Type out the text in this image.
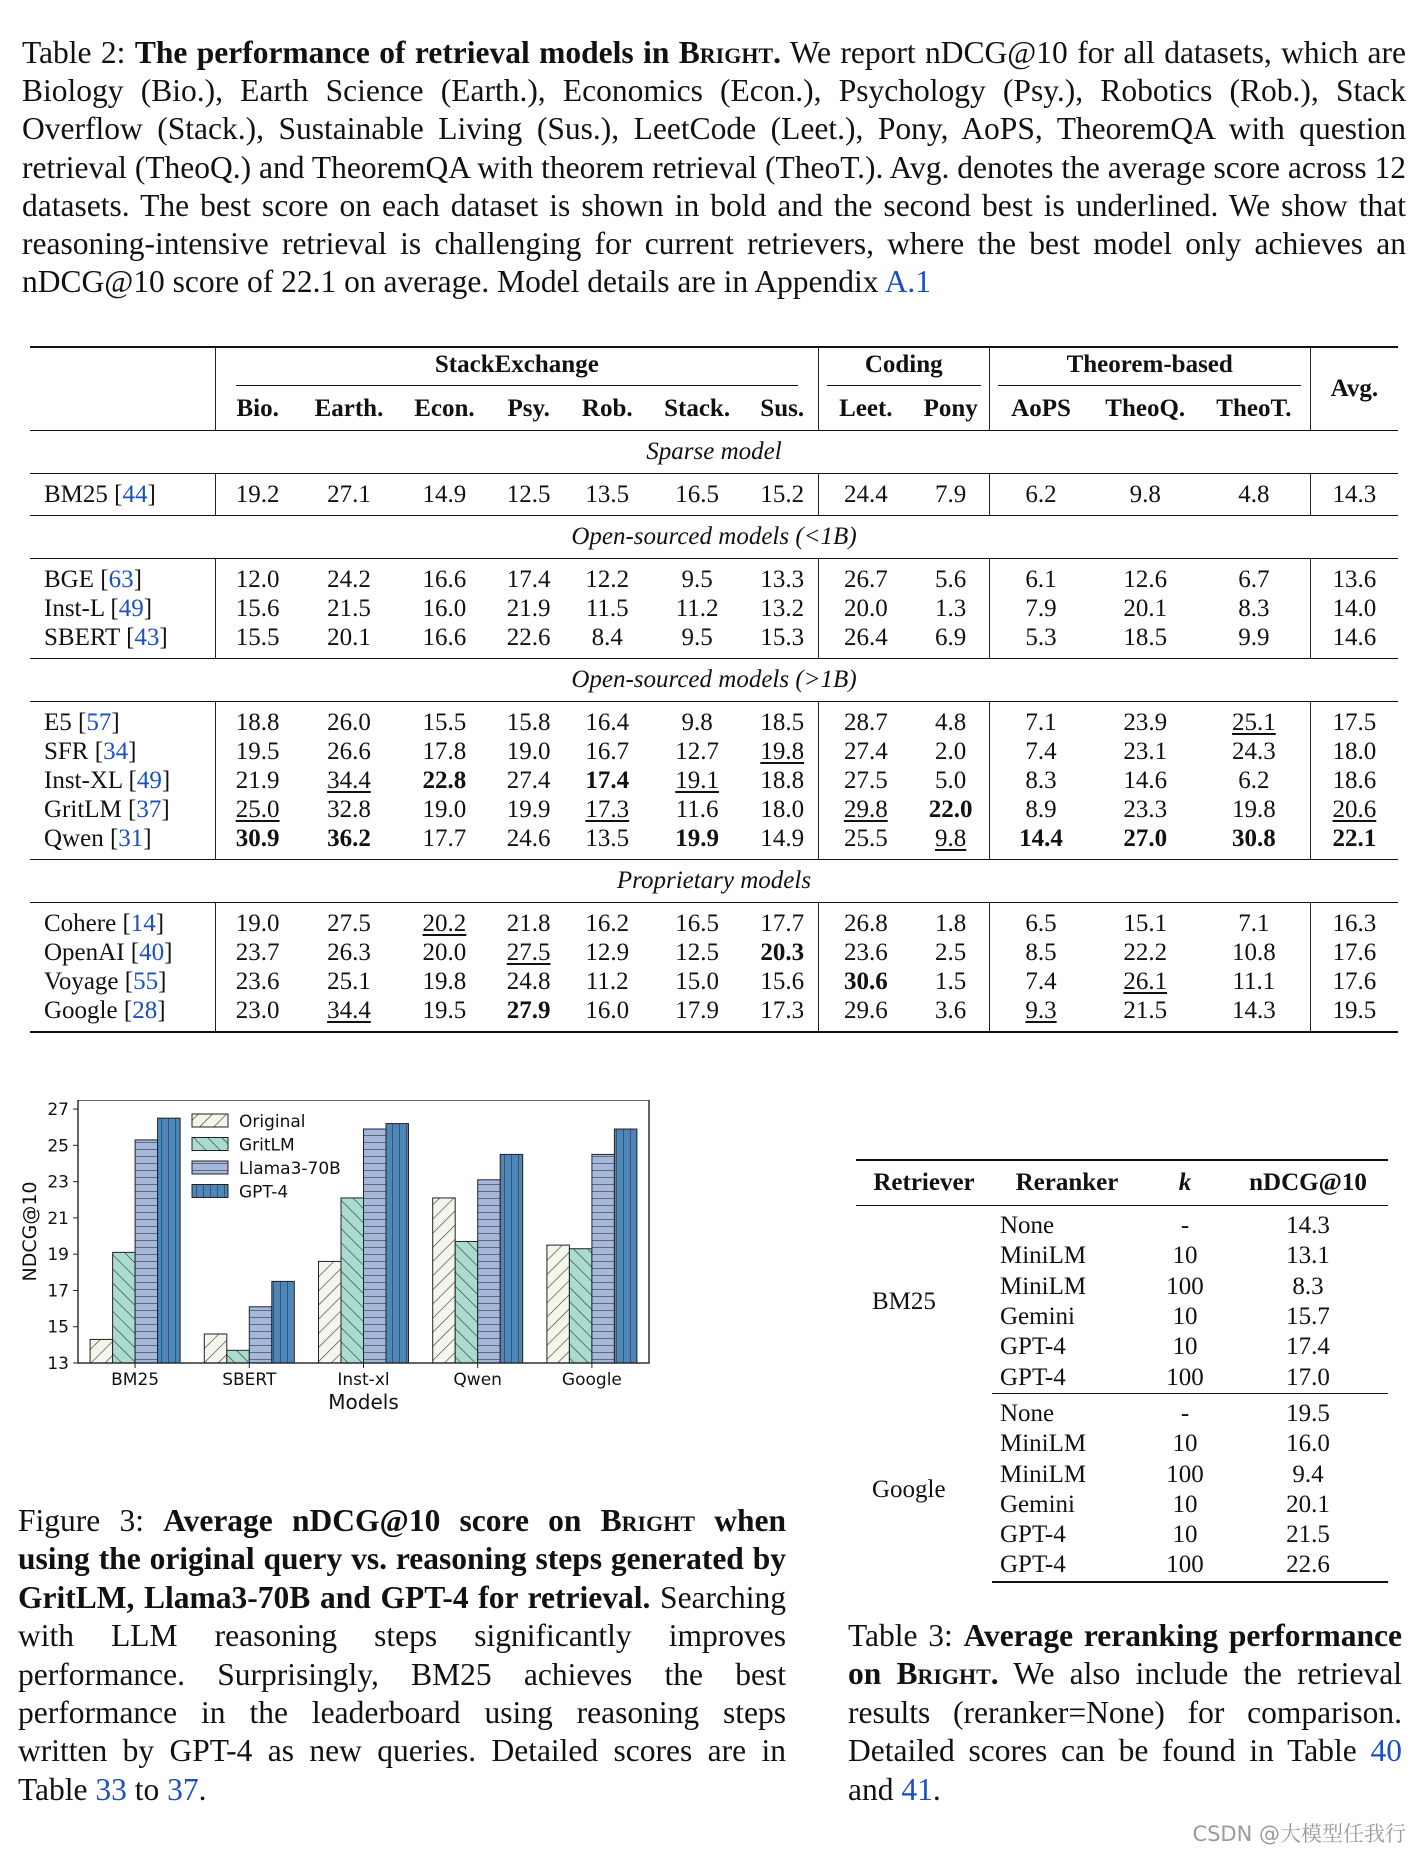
Table 2: The performance of retrieval models in Bright. We report nDCG@10 for all datasets, which are Biology (Bio.), Earth Science (Earth.), Economics (Econ.), Psychology (Psy.), Robotics (Rob.), Stack Overflow (Stack.), Sustainable Living (Sus.), LeetCode (Leet.), Pony, AoPS, TheoremQA with question retrieval (TheoQ.) and TheoremQA with theorem retrieval (TheoT.). Avg. denotes the average score across 12 datasets. The best score on each dataset is shown in bold and the second best is underlined. We show that reasoning-intensive retrieval is challenging for current retrievers, where the best model only achieves an nDCG@10 score of 22.1 on average. Model details are in Appendix A.1

	StackExchange							Coding		Theorem-based			Avg.
	Bio.	Earth.	Econ.	Psy.	Rob.	Stack.	Sus.	Leet.	Pony	AoPS	TheoQ.	TheoT.	
Sparse model													
BM25 [44]	19.2	27.1	14.9	12.5	13.5	16.5	15.2	24.4	7.9	6.2	9.8	4.8	14.3
Open-sourced models (<1B)													
BGE [63]	12.0	24.2	16.6	17.4	12.2	9.5	13.3	26.7	5.6	6.1	12.6	6.7	13.6
Inst-L [49]	15.6	21.5	16.0	21.9	11.5	11.2	13.2	20.0	1.3	7.9	20.1	8.3	14.0
SBERT [43]	15.5	20.1	16.6	22.6	8.4	9.5	15.3	26.4	6.9	5.3	18.5	9.9	14.6
Open-sourced models (>1B)													
E5 [57]	18.8	26.0	15.5	15.8	16.4	9.8	18.5	28.7	4.8	7.1	23.9	25.1	17.5
SFR [34]	19.5	26.6	17.8	19.0	16.7	12.7	19.8	27.4	2.0	7.4	23.1	24.3	18.0
Inst-XL [49]	21.9	34.4	22.8	27.4	17.4	19.1	18.8	27.5	5.0	8.3	14.6	6.2	18.6
GritLM [37]	25.0	32.8	19.0	19.9	17.3	11.6	18.0	29.8	22.0	8.9	23.3	19.8	20.6
Qwen [31]	30.9	36.2	17.7	24.6	13.5	19.9	14.9	25.5	9.8	14.4	27.0	30.8	22.1
Proprietary models													
Cohere [14]	19.0	27.5	20.2	21.8	16.2	16.5	17.7	26.8	1.8	6.5	15.1	7.1	16.3
OpenAI [40]	23.7	26.3	20.0	27.5	12.9	12.5	20.3	23.6	2.5	8.5	22.2	10.8	17.6
Voyage [55]	23.6	25.1	19.8	24.8	11.2	15.0	15.6	30.6	1.5	7.4	26.1	11.1	17.6
Google [28]	23.0	34.4	19.5	27.9	16.0	17.9	17.3	29.6	3.6	9.3	21.5	14.3	19.5
BM25	SBERT	Inst-xl	Qwen	Google
13
15
17
19
21
23
25
27
Original
GritLM
Llama3-70B
GPT-4
Models
NDCG@10

Figure 3: Average nDCG@10 score on Bright when using the original query vs. reasoning steps generated by GritLM, Llama3-70B and GPT-4 for retrieval. Searching with LLM reasoning steps significantly improves performance. Surprisingly, BM25 achieves the best performance in the leaderboard using reasoning steps written by GPT-4 as new queries. Detailed scores are in Table 33 to 37.

Retriever	Reranker	k	nDCG@10
BM25	None	-	14.3
	MiniLM	10	13.1
	MiniLM	100	8.3
	Gemini	10	15.7
	GPT-4	10	17.4
	GPT-4	100	17.0
Google	None	-	19.5
	MiniLM	10	16.0
	MiniLM	100	9.4
	Gemini	10	20.1
	GPT-4	10	21.5
	GPT-4	100	22.6

Table 3: Average reranking performance on Bright. We also include the retrieval results (reranker=None) for comparison. Detailed scores can be found in Table 40 and 41.

CSDN @大模型任我行
